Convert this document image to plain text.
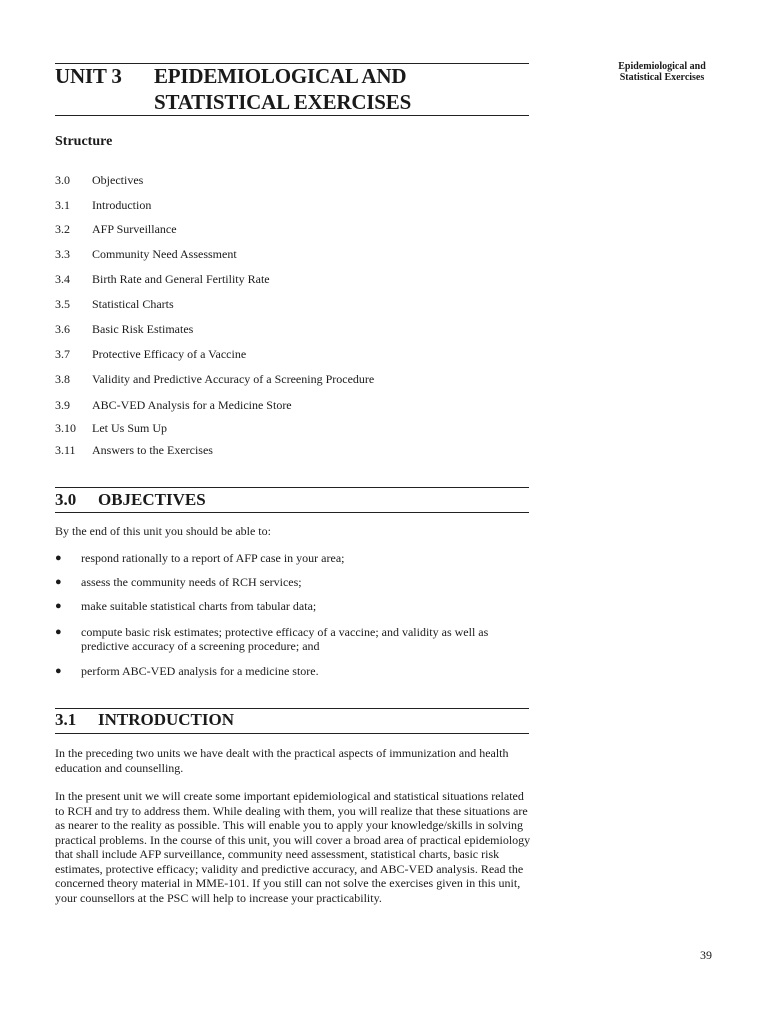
Epidemiological and
Statistical Exercises
UNIT 3 EPIDEMIOLOGICAL AND
STATISTICAL EXERCISES
Structure
3.0 Objectives
3.1 Introduction
3.2 AFP Surveillance
3.3 Community Need Assessment
3.4 Birth Rate and General Fertility Rate
3.5 Statistical Charts
3.6 Basic Risk Estimates
3.7 Protective Efficacy of a Vaccine
3.8 Validity and Predictive Accuracy of a Screening Procedure
3.9 ABC-VED Analysis for a Medicine Store
3.10 Let Us Sum Up
3.11 Answers to the Exercises
3.0 OBJECTIVES
By the end of this unit you should be able to:
● respond rationally to a report of AFP case in your area;
● assess the community needs of RCH services;
● make suitable statistical charts from tabular data;
● compute basic risk estimates; protective efficacy of a vaccine; and validity as well as predictive accuracy of a screening procedure; and
● perform ABC-VED analysis for a medicine store.
3.1 INTRODUCTION
In the preceding two units we have dealt with the practical aspects of immunization and health education and counselling.
In the present unit we will create some important epidemiological and statistical situations related to RCH and try to address them. While dealing with them, you will realize that these situations are as nearer to the reality as possible. This will enable you to apply your knowledge/skills in solving practical problems. In the course of this unit, you will cover a broad area of practical epidemiology that shall include AFP surveillance, community need assessment, statistical charts, basic risk estimates, protective efficacy; validity and predictive accuracy, and ABC-VED analysis. Read the concerned theory material in MME-101. If you still can not solve the exercises given in this unit, your counsellors at the PSC will help to increase your practicability.
39
